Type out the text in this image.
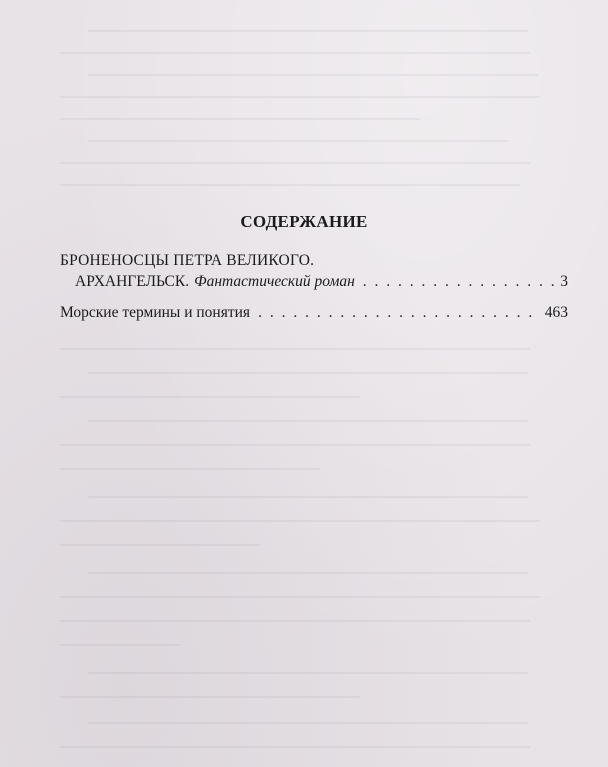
СОДЕРЖАНИЕ
БРОНЕНОСЦЫ ПЕТРА ВЕЛИКОГО.
АРХАНГЕЛЬСК. Фантастический роман . . .	3
Морские термины и понятия . . .	463
